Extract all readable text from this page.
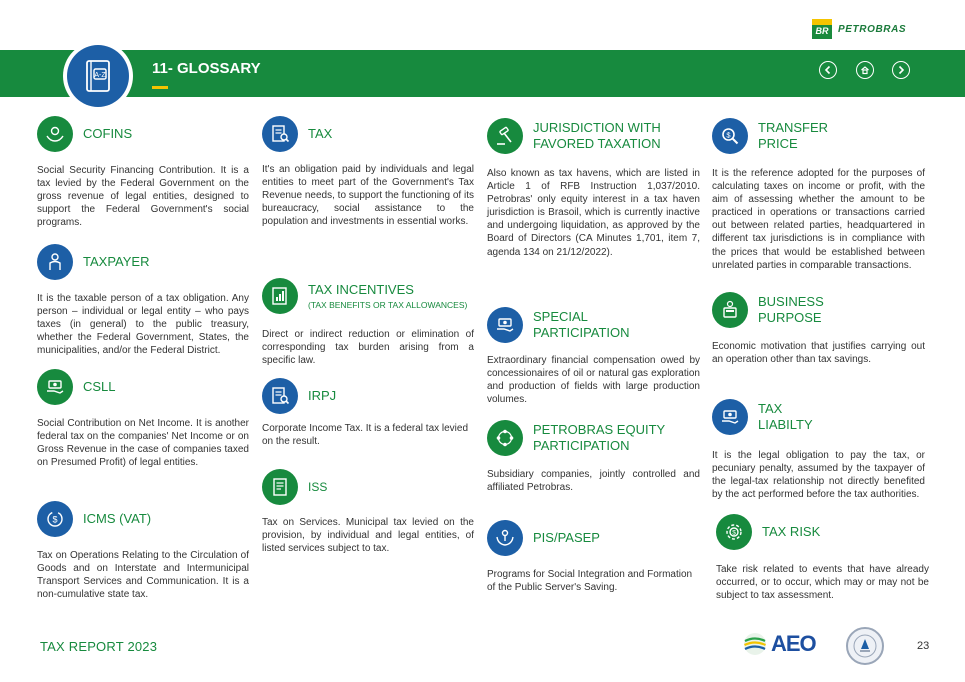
BR PETROBRAS
A-Z	11- GLOSSARY
COFINS

Social Security Financing Contribution. It is a tax levied by the Federal Government on the gross revenue of legal entities, designed to support the Federal Government's social programs.

TAXPAYER

It is the taxable person of a tax obligation. Any person – individual or legal entity – who pays taxes (in general) to the public treasury, whether the Federal Government, States, the municipalities, and/or the Federal District.

CSLL

Social Contribution on Net Income. It is another federal tax on the companies' Net Income or on Gross Revenue in the case of companies taxed on Presumed Profit) of legal entities.

$ ICMS (VAT)

Tax on Operations Relating to the Circulation of Goods and on Interstate and Intermunicipal Transport Services and Communication. It is a non-cumulative state tax.

TAX

It's an obligation paid by individuals and legal entities to meet part of the Government's Tax Revenue needs, to support the functioning of its bureaucracy, social assistance to the population and investments in essential works.

TAX INCENTIVES
(TAX BENEFITS OR TAX ALLOWANCES)

Direct or indirect reduction or elimination of corresponding tax burden arising from a specific law.

IRPJ

Corporate Income Tax. It is a federal tax levied on the result.

ISS

Tax on Services. Municipal tax levied on the provision, by individual and legal entities, of listed services subject to tax.

JURISDICTION WITH FAVORED TAXATION

Also known as tax havens, which are listed in Article 1 of RFB Instruction 1,037/2010. Petrobras' only equity interest in a tax haven jurisdiction is Brasoil, which is currently inactive and undergoing liquidation, as approved by the Board of Directors (CA Minutes 1,701, item 7, agenda 134 on 21/12/2022).

SPECIAL PARTICIPATION

Extraordinary financial compensation owed by concessionaires of oil or natural gas exploration and production of fields with large production volumes.

PETROBRAS EQUITY PARTICIPATION

Subsidiary companies, jointly controlled and affiliated Petrobras.

PIS/PASEP

Programs for Social Integration and Formation of the Public Server's Saving.

$ TRANSFER PRICE

It is the reference adopted for the purposes of calculating taxes on income or profit, with the aim of assessing whether the amount to be practiced in operations or transactions carried out between related parties, headquartered in different tax jurisdictions is in compliance with the prices that would be established between unrelated parties in comparable transactions.

BUSINESS PURPOSE

Economic motivation that justifies carrying out an operation other than tax savings.

TAX LIABILTY

It is the legal obligation to pay the tax, or pecuniary penalty, assumed by the taxpayer of the legal-tax relationship not directly benefited by the act performed before the tax authorities.

$ TAX RISK

Take risk related to events that have already occurred, or to occur, which may or may not be subject to tax assessment.

TAX REPORT 2023	AEO	23
